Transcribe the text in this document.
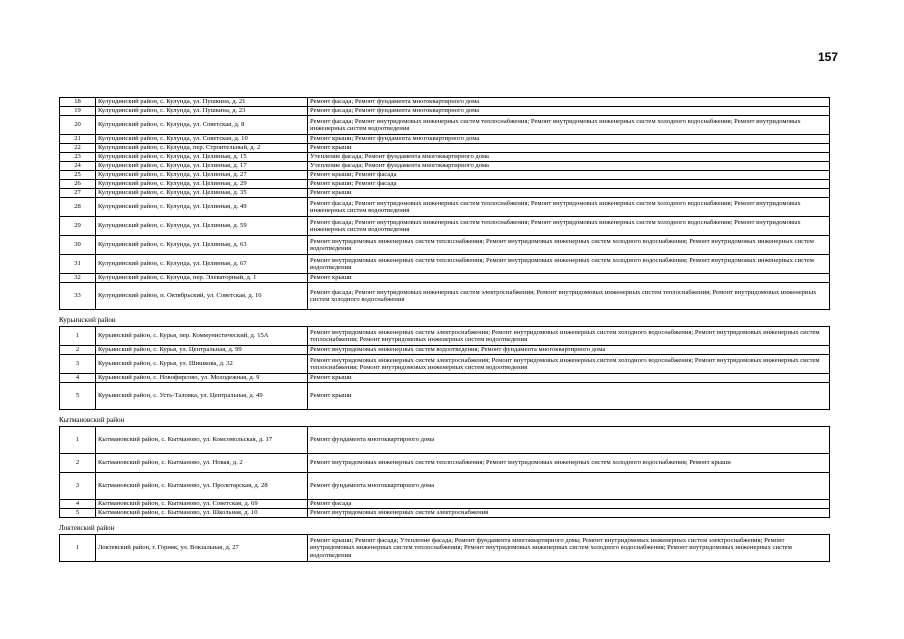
157
18	Кулундинский район, с. Кулунда, ул. Пушкина, д. 21	Ремонт фасада; Ремонт фундамента многоквартирного дома
19	Кулундинский район, с. Кулунда, ул. Пушкина, д. 23	Ремонт фасада; Ремонт фундамента многоквартирного дома
20	Кулундинский район, с. Кулунда, ул. Советская, д. 8	Ремонт фасада; Ремонт внутридомовых инженерных систем теплоснабжения; Ремонт внутридомовых инженерных систем холодного водоснабжения; Ремонт внутридомовых инженерных систем водоотведения
21	Кулундинский район, с. Кулунда, ул. Советская, д. 10	Ремонт крыши; Ремонт фундамента многоквартирного дома
22	Кулундинский район, с. Кулунда, пер. Строительный, д. 2	Ремонт крыши
23	Кулундинский район, с. Кулунда, ул. Целинная, д. 15	Утепление фасада; Ремонт фундамента многоквартирного дома
24	Кулундинский район, с. Кулунда, ул. Целинная, д. 17	Утепление фасада; Ремонт фундамента многоквартирного дома
25	Кулундинский район, с. Кулунда, ул. Целинная, д. 27	Ремонт крыши; Ремонт фасада
26	Кулундинский район, с. Кулунда, ул. Целинная, д. 29	Ремонт крыши; Ремонт фасада
27	Кулундинский район, с. Кулунда, ул. Целинная, д. 35	Ремонт крыши
28	Кулундинский район, с. Кулунда, ул. Целинная, д. 49	Ремонт фасада; Ремонт внутридомовых инженерных систем теплоснабжения; Ремонт внутридомовых инженерных систем холодного водоснабжения; Ремонт внутридомовых инженерных систем водоотведения
29	Кулундинский район, с. Кулунда, ул. Целинная, д. 59	Ремонт фасада; Ремонт внутридомовых инженерных систем теплоснабжения; Ремонт внутридомовых инженерных систем холодного водоснабжения; Ремонт внутридомовых инженерных систем водоотведения
30	Кулундинский район, с. Кулунда, ул. Целинная, д. 63	Ремонт внутридомовых инженерных систем теплоснабжения; Ремонт внутридомовых инженерных систем холодного водоснабжения; Ремонт внутридомовых инженерных систем водоотведения
31	Кулундинский район, с. Кулунда, ул. Целинная, д. 67	Ремонт внутридомовых инженерных систем теплоснабжения; Ремонт внутридомовых инженерных систем холодного водоснабжения; Ремонт внутридомовых инженерных систем водоотведения
32	Кулундинский район, с. Кулунда, пер. Элеваторный, д. 1	Ремонт крыши
33	Кулундинский район, п. Октябрьский, ул. Советская, д. 16	Ремонт фасада; Ремонт внутридомовых инженерных систем электроснабжения; Ремонт внутридомовых инженерных систем теплоснабжения; Ремонт внутридомовых инженерных систем холодного водоснабжения
Курьинский район
1	Курьинский район, с. Курья, пер. Коммунистический, д. 15А	Ремонт внутридомовых инженерных систем электроснабжения; Ремонт внутридомовых инженерных систем холодного водоснабжения; Ремонт внутридомовых инженерных систем теплоснабжения; Ремонт внутридомовых инженерных систем водоотведения
2	Курьинский район, с. Курья, ул. Центральная, д. 99	Ремонт внутридомовых инженерных систем водоотведения; Ремонт фундамента многоквартирного дома
3	Курьинский район, с. Курья, ул. Шишкова, д. 32	Ремонт внутридомовых инженерных систем электроснабжения; Ремонт внутридомовых инженерных систем холодного водоснабжения; Ремонт внутридомовых инженерных систем теплоснабжения; Ремонт внутридомовых инженерных систем водоотведения
4	Курьинский район, с. Новофирсово, ул. Молодежная, д. 9	Ремонт крыши
5	Курьинский район, с. Усть-Таловка, ул. Центральная, д. 49	Ремонт крыши
Кытмановский район
1	Кытмановский район, с. Кытманово, ул. Комсомольская, д. 17	Ремонт фундамента многоквартирного дома
2	Кытмановский район, с. Кытманово, ул. Новая, д. 2	Ремонт внутридомовых инженерных систем теплоснабжения; Ремонт внутридомовых инженерных систем холодного водоснабжения; Ремонт крыши
3	Кытмановский район, с. Кытманово, ул. Пролетарская, д. 28	Ремонт фундамента многоквартирного дома
4	Кытмановский район, с. Кытманово, ул. Советская, д. 69	Ремонт фасада
5	Кытмановский район, с. Кытманово, ул. Школьная, д. 10	Ремонт внутридомовых инженерных систем электроснабжения
Локтевский район
1	Локтевский район, г. Горняк, ул. Вокзальная, д. 27	Ремонт крыши; Ремонт фасада; Утепление фасада; Ремонт фундамента многоквартирного дома; Ремонт внутридомовых инженерных систем электроснабжения; Ремонт внутридомовых инженерных систем теплоснабжения; Ремонт внутридомовых инженерных систем холодного водоснабжения; Ремонт внутридомовых инженерных систем водоотведения
